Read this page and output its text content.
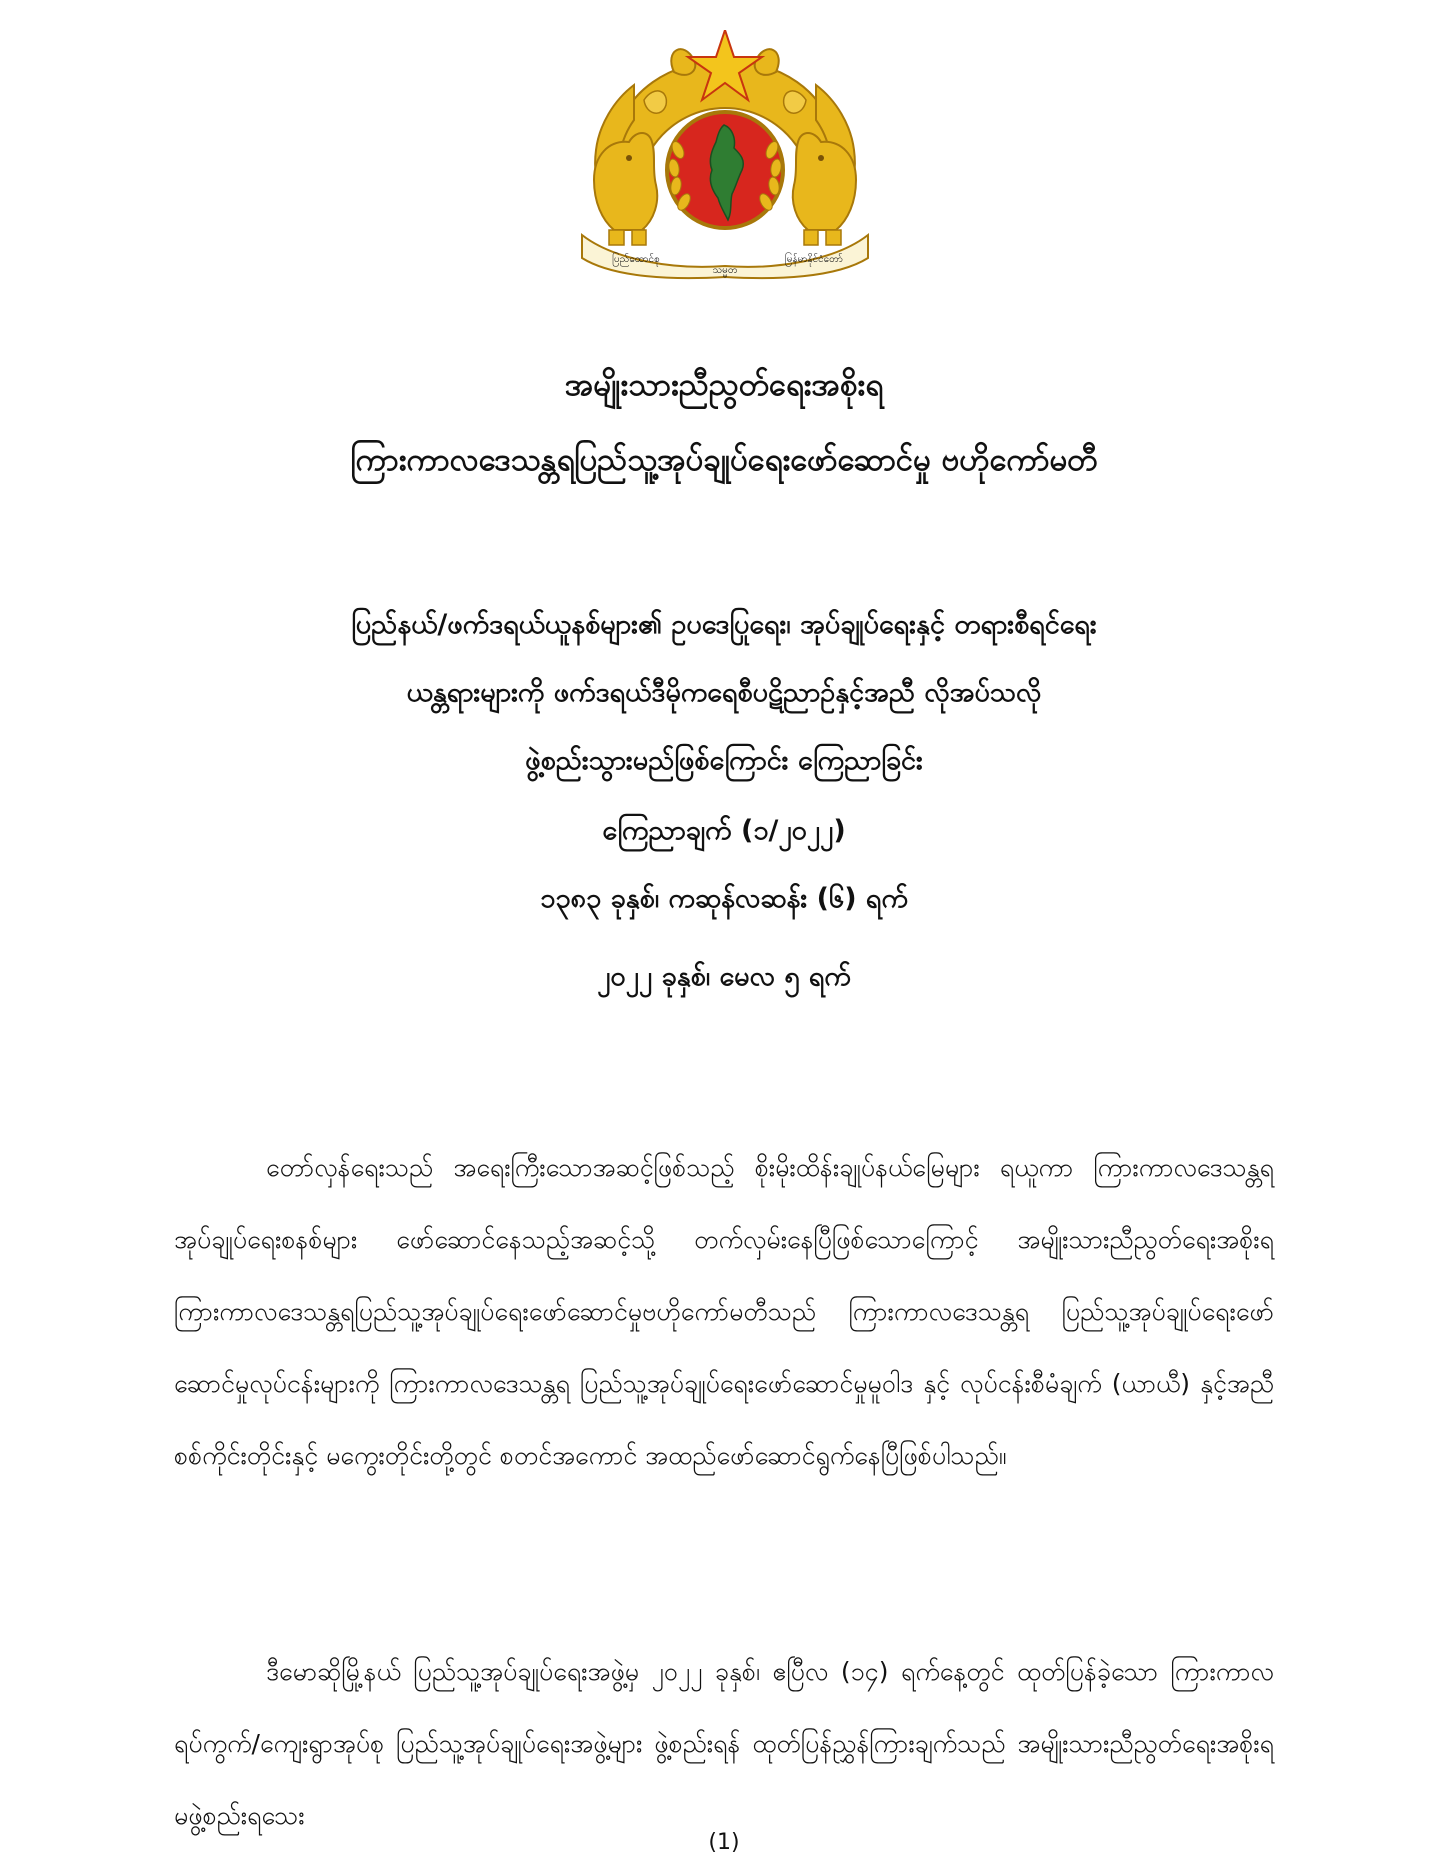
ပြည်ထောင်စု
သမ္မတ
မြန်မာနိုင်ငံတော်
အမျိုးသားညီညွတ်ရေးအစိုးရ
ကြားကာလဒေသန္တရပြည်သူ့အုပ်ချုပ်ရေးဖော်ဆောင်မှု ဗဟိုကော်မတီ
ပြည်နယ်/ဖက်ဒရယ်ယူနစ်များ၏ ဥပဒေပြုရေး၊ အုပ်ချုပ်ရေးနှင့် တရားစီရင်ရေး
ယန္တရားများကို ဖက်ဒရယ်ဒီမိုကရေစီပဋိညာဉ်နှင့်အညီ လိုအပ်သလို
ဖွဲ့စည်းသွားမည်ဖြစ်ကြောင်း ကြေညာခြင်း
ကြေညာချက် (၁/၂၀၂၂)
၁၃၈၃ ခုနှစ်၊ ကဆုန်လဆန်း (၆) ရက်
၂၀၂၂ ခုနှစ်၊ မေလ ၅ ရက်

တော်လှန်ရေးသည် အရေးကြီးသောအဆင့်ဖြစ်သည့် စိုးမိုးထိန်းချုပ်နယ်မြေများ ရယူကာ ကြားကာလဒေသန္တရအုပ်ချုပ်ရေးစနစ်များ ဖော်ဆောင်နေသည့်အဆင့်သို့ တက်လှမ်းနေပြီဖြစ်သောကြောင့် အမျိုးသားညီညွတ်ရေးအစိုးရ ကြားကာလဒေသန္တရပြည်သူ့အုပ်ချုပ်ရေးဖော်ဆောင်မှုဗဟိုကော်မတီသည် ကြားကာလဒေသန္တရ ပြည်သူ့အုပ်ချုပ်ရေးဖော်ဆောင်မှုလုပ်ငန်းများကို ကြားကာလဒေသန္တရ ပြည်သူ့အုပ်ချုပ်ရေးဖော်ဆောင်မှုမူဝါဒ နှင့် လုပ်ငန်းစီမံချက် (ယာယီ) နှင့်အညီ စစ်ကိုင်းတိုင်းနှင့် မကွေးတိုင်းတို့တွင် စတင်အကောင် အထည်ဖော်ဆောင်ရွက်နေပြီဖြစ်ပါသည်။

ဒီမောဆိုမြို့နယ် ပြည်သူ့အုပ်ချုပ်ရေးအဖွဲ့မှ ၂၀၂၂ ခုနှစ်၊ ဧပြီလ (၁၄) ရက်နေ့တွင် ထုတ်ပြန်ခဲ့သော ကြားကာလ ရပ်ကွက်/ကျေးရွာအုပ်စု ပြည်သူ့အုပ်ချုပ်ရေးအဖွဲ့များ ဖွဲ့စည်းရန် ထုတ်ပြန်ညွှန်ကြားချက်သည် အမျိုးသားညီညွတ်ရေးအစိုးရ မဖွဲ့စည်းရသေး

(1)
